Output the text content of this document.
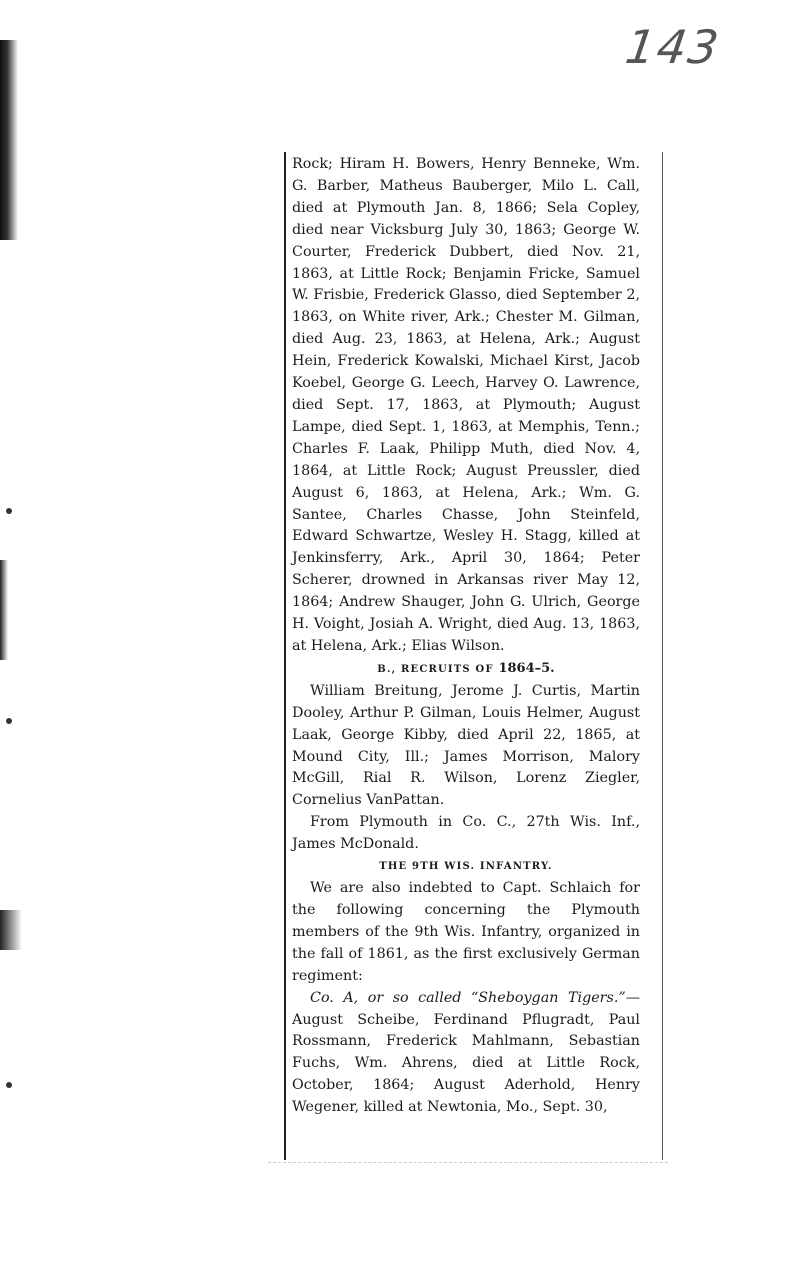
143

Rock; Hiram H. Bowers, Henry Benneke, Wm. G. Barber, Matheus Bauberger, Milo L. Call, died at Plymouth Jan. 8, 1866; Sela Copley, died near Vicksburg July 30, 1863; George W. Courter, Frederick Dubbert, died Nov. 21, 1863, at Little Rock; Benjamin Fricke, Samuel W. Frisbie, Frederick Glasso, died September 2, 1863, on White river, Ark.; Chester M. Gilman, died Aug. 23, 1863, at Helena, Ark.; August Hein, Frederick Kowalski, Michael Kirst, Jacob Koebel, George G. Leech, Harvey O. Lawrence, died Sept. 17, 1863, at Plymouth; August Lampe, died Sept. 1, 1863, at Memphis, Tenn.; Charles F. Laak, Philipp Muth, died Nov. 4, 1864, at Little Rock; August Preussler, died August 6, 1863, at Helena, Ark.; Wm. G. Santee, Charles Chasse, John Steinfeld, Edward Schwartze, Wesley H. Stagg, killed at Jenkinsferry, Ark., April 30, 1864; Peter Scherer, drowned in Arkansas river May 12, 1864; Andrew Shauger, John G. Ulrich, George H. Voight, Josiah A. Wright, died Aug. 13, 1863, at Helena, Ark.; Elias Wilson.

B., RECRUITS OF 1864–5.

William Breitung, Jerome J. Curtis, Martin Dooley, Arthur P. Gilman, Louis Helmer, August Laak, George Kibby, died April 22, 1865, at Mound City, Ill.; James Morrison, Malory McGill, Rial R. Wilson, Lorenz Ziegler, Cornelius VanPattan.

From Plymouth in Co. C., 27th Wis. Inf., James McDonald.

THE 9TH WIS. INFANTRY.

We are also indebted to Capt. Schlaich for the following concerning the Plymouth members of the 9th Wis. Infantry, organized in the fall of 1861, as the first exclusively German regiment:

Co. A, or so called “Sheboygan Tigers.”— August Scheibe, Ferdinand Pflugradt, Paul Rossmann, Frederick Mahlmann, Sebastian Fuchs, Wm. Ahrens, died at Little Rock, October, 1864; August Aderhold, Henry Wegener, killed at Newtonia, Mo., Sept. 30,
